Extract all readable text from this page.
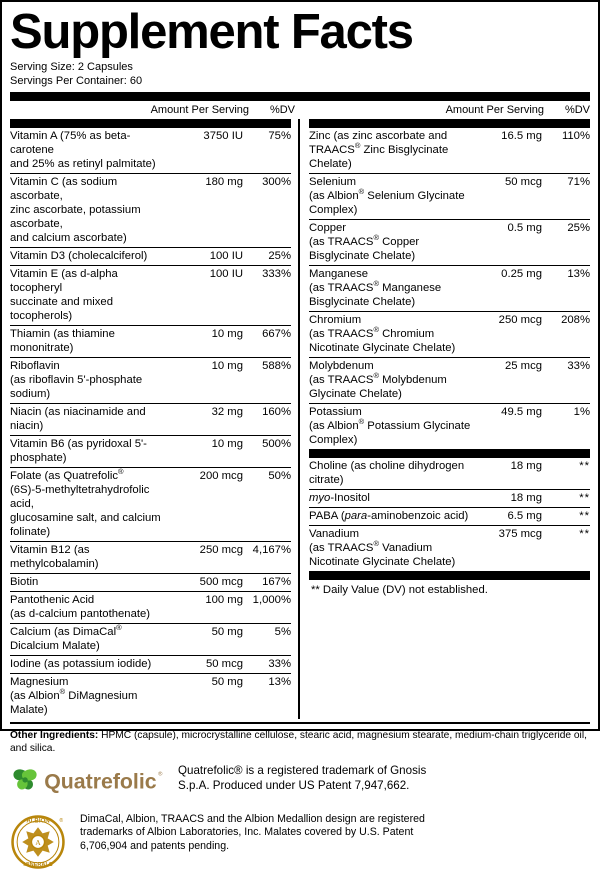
Supplement Facts
Serving Size: 2 Capsules
Servings Per Container: 60
Amount Per Serving	%DV	Amount Per Serving	%DV
Vitamin A (75% as beta-carotene
and 25% as retinyl palmitate)
3750 IU	75%
Vitamin C (as sodium ascorbate,
zinc ascorbate, potassium ascorbate,
and calcium ascorbate)
180 mg	300%
Vitamin D3 (cholecalciferol)	100 IU	25%
Vitamin E (as d-alpha tocopheryl
succinate and mixed tocopherols)
100 IU	333%
Thiamin (as thiamine mononitrate)
10 mg	667%
Riboflavin
(as riboflavin 5'-phosphate sodium)
10 mg	588%
Niacin (as niacinamide and niacin)
32 mg	160%
Vitamin B6 (as pyridoxal 5'-phosphate)
10 mg	500%
Folate (as Quatrefolic®
(6S)-5-methyltetrahydrofolic acid,
glucosamine salt, and calcium folinate)
200 mcg	50%
Vitamin B12 (as methylcobalamin)
250 mcg 4,167%
Biotin	500 mcg	167%
Pantothenic Acid
(as d-calcium pantothenate)
100 mg 1,000%
Calcium (as DimaCal® Dicalcium Malate)
50 mg	5%
Iodine (as potassium iodide)	50 mcg	33%
Magnesium
(as Albion® DiMagnesium Malate)
50 mg	13%
Zinc (as zinc ascorbate and
TRAACS® Zinc Bisglycinate Chelate)
16.5 mg	110%
Selenium
(as Albion® Selenium Glycinate Complex)
50 mcg	71%
Copper
(as TRAACS® Copper Bisglycinate Chelate)
0.5 mg	25%
Manganese
(as TRAACS® Manganese Bisglycinate Chelate)
0.25 mg	13%
Chromium
(as TRAACS® Chromium Nicotinate Glycinate Chelate)
250 mcg	208%
Molybdenum
(as TRAACS® Molybdenum Glycinate Chelate)
25 mcg	33%
Potassium
(as Albion® Potassium Glycinate Complex)
49.5 mg	1%
Choline (as choline dihydrogen citrate)
18 mg	**
myo-Inositol	18 mg	**
PABA (para-aminobenzoic acid)	6.5 mg	**
Vanadium
(as TRAACS® Vanadium Nicotinate Glycinate Chelate)
375 mcg	**
** Daily Value (DV) not established.
Other Ingredients: HPMC (capsule), microcrystalline cellulose, stearic acid, magnesium stearate, medium-chain triglyceride oil, and silica.
Quatrefolic ® Quatrefolic® is a registered trademark of Gnosis
S.p.A. Produced under US Patent 7,947,662.
A
ALBION
MINERALS
® DimaCal, Albion, TRAACS and the Albion Medallion design are registered
trademarks of Albion Laboratories, Inc. Malates covered by U.S. Patent
6,706,904 and patents pending.
